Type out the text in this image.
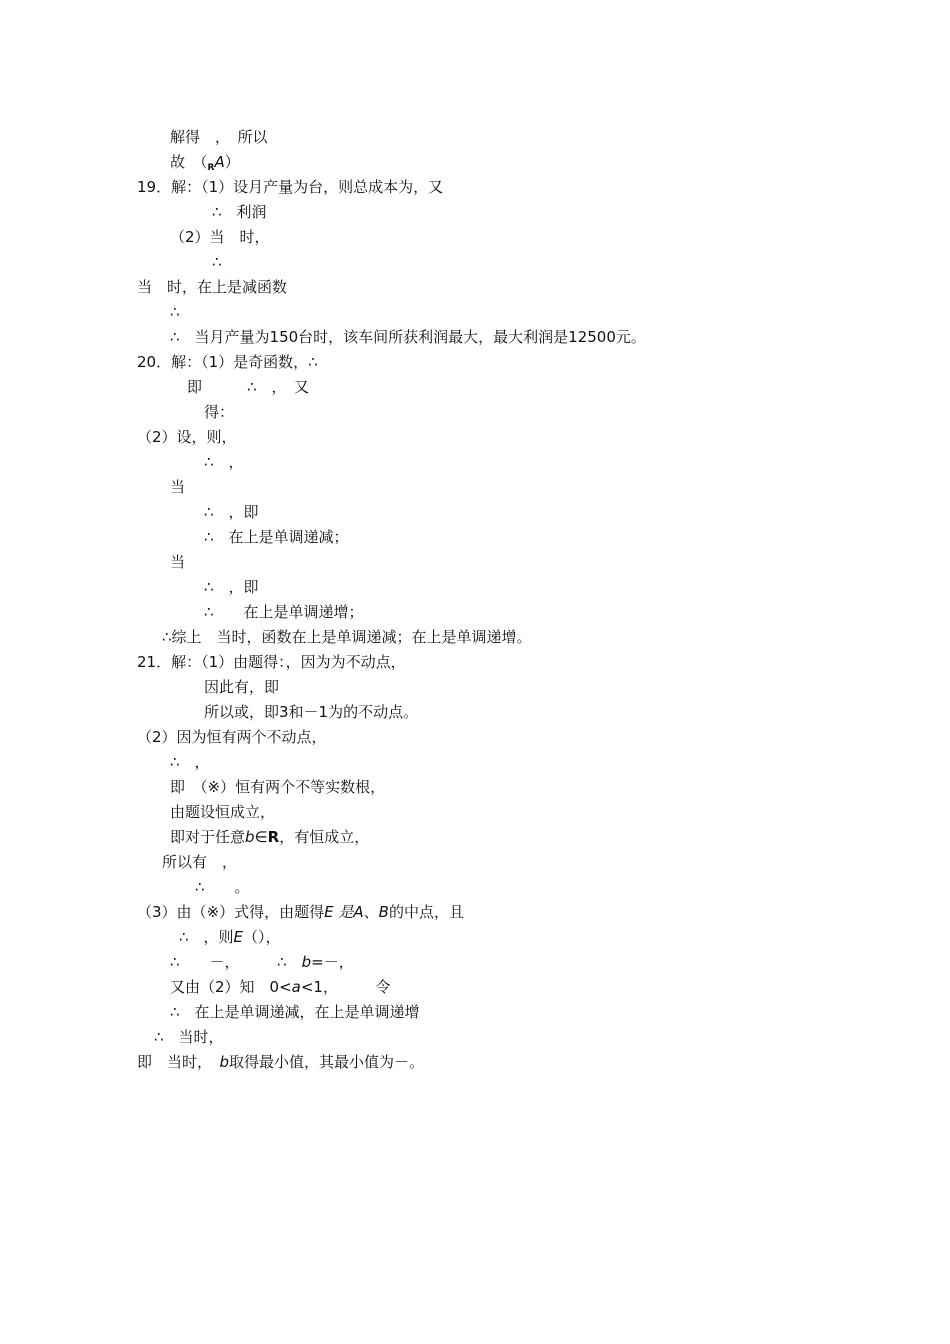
解得　，　所以
故　$(_RA)$
19．解：（1）设月产量为台，则总成本为，又
∴　利润
（2）当　时，
∴
当　时，在上是减函数
∴
∴　当月产量为150台时，该车间所获利润最大，最大利润是12500元。
20．解：（1）是奇函数，∴
即　　　∴　，　又
得：
（2）设，则，
∴　，
当
∴　，即
∴　在上是单调递减；
当
∴　，即
∴　　在上是单调递增；
∴综上　当时，函数在上是单调递减；在上是单调递增。
21．解：（1）由题得：，因为为不动点，
因此有，即
所以或，即3和－1为的不动点。
（2）因为恒有两个不动点，
∴　，
即　（※）恒有两个不等实数根，
由题设恒成立，
即对于任意b∈R，有恒成立，
所以有　，
∴　　。
（3）由（※）式得，由题得E 是A、B的中点，且
∴　，则E（），
∴　　－，　　　∴　b=－，
又由（2）知　0<a<1，　　　令
∴　在上是单调递减，在上是单调递增
∴　当时，
即　当时，　b取得最小值，其最小值为－。
